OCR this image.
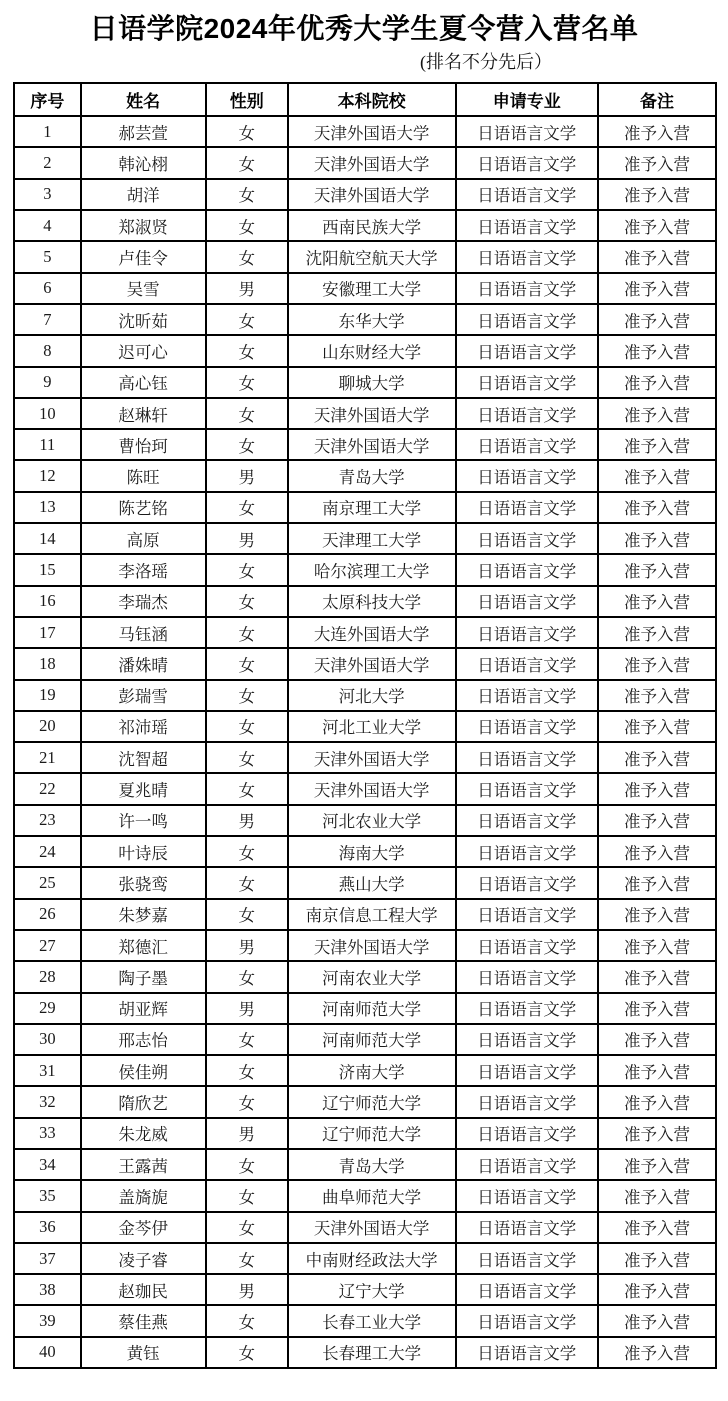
日语学院2024年优秀大学生夏令营入营名单
(排名不分先后）
序号	姓名	性别	本科院校	申请专业	备注
1	郝芸萱	女	天津外国语大学	日语语言文学	准予入营
2	韩沁栩	女	天津外国语大学	日语语言文学	准予入营
3	胡洋	女	天津外国语大学	日语语言文学	准予入营
4	郑淑贤	女	西南民族大学	日语语言文学	准予入营
5	卢佳令	女	沈阳航空航天大学	日语语言文学	准予入营
6	吴雪	男	安徽理工大学	日语语言文学	准予入营
7	沈昕茹	女	东华大学	日语语言文学	准予入营
8	迟可心	女	山东财经大学	日语语言文学	准予入营
9	高心钰	女	聊城大学	日语语言文学	准予入营
10	赵琳轩	女	天津外国语大学	日语语言文学	准予入营
11	曹怡珂	女	天津外国语大学	日语语言文学	准予入营
12	陈旺	男	青岛大学	日语语言文学	准予入营
13	陈艺铭	女	南京理工大学	日语语言文学	准予入营
14	高原	男	天津理工大学	日语语言文学	准予入营
15	李洛瑶	女	哈尔滨理工大学	日语语言文学	准予入营
16	李瑞杰	女	太原科技大学	日语语言文学	准予入营
17	马钰涵	女	大连外国语大学	日语语言文学	准予入营
18	潘姝晴	女	天津外国语大学	日语语言文学	准予入营
19	彭瑞雪	女	河北大学	日语语言文学	准予入营
20	祁沛瑶	女	河北工业大学	日语语言文学	准予入营
21	沈智超	女	天津外国语大学	日语语言文学	准予入营
22	夏兆晴	女	天津外国语大学	日语语言文学	准予入营
23	许一鸣	男	河北农业大学	日语语言文学	准予入营
24	叶诗辰	女	海南大学	日语语言文学	准予入营
25	张骁鸾	女	燕山大学	日语语言文学	准予入营
26	朱梦嘉	女	南京信息工程大学	日语语言文学	准予入营
27	郑德汇	男	天津外国语大学	日语语言文学	准予入营
28	陶子墨	女	河南农业大学	日语语言文学	准予入营
29	胡亚辉	男	河南师范大学	日语语言文学	准予入营
30	邢志怡	女	河南师范大学	日语语言文学	准予入营
31	侯佳朔	女	济南大学	日语语言文学	准予入营
32	隋欣艺	女	辽宁师范大学	日语语言文学	准予入营
33	朱龙威	男	辽宁师范大学	日语语言文学	准予入营
34	王露茜	女	青岛大学	日语语言文学	准予入营
35	盖旖旎	女	曲阜师范大学	日语语言文学	准予入营
36	金芩伊	女	天津外国语大学	日语语言文学	准予入营
37	凌子睿	女	中南财经政法大学	日语语言文学	准予入营
38	赵珈民	男	辽宁大学	日语语言文学	准予入营
39	蔡佳燕	女	长春工业大学	日语语言文学	准予入营
40	黄钰	女	长春理工大学	日语语言文学	准予入营
